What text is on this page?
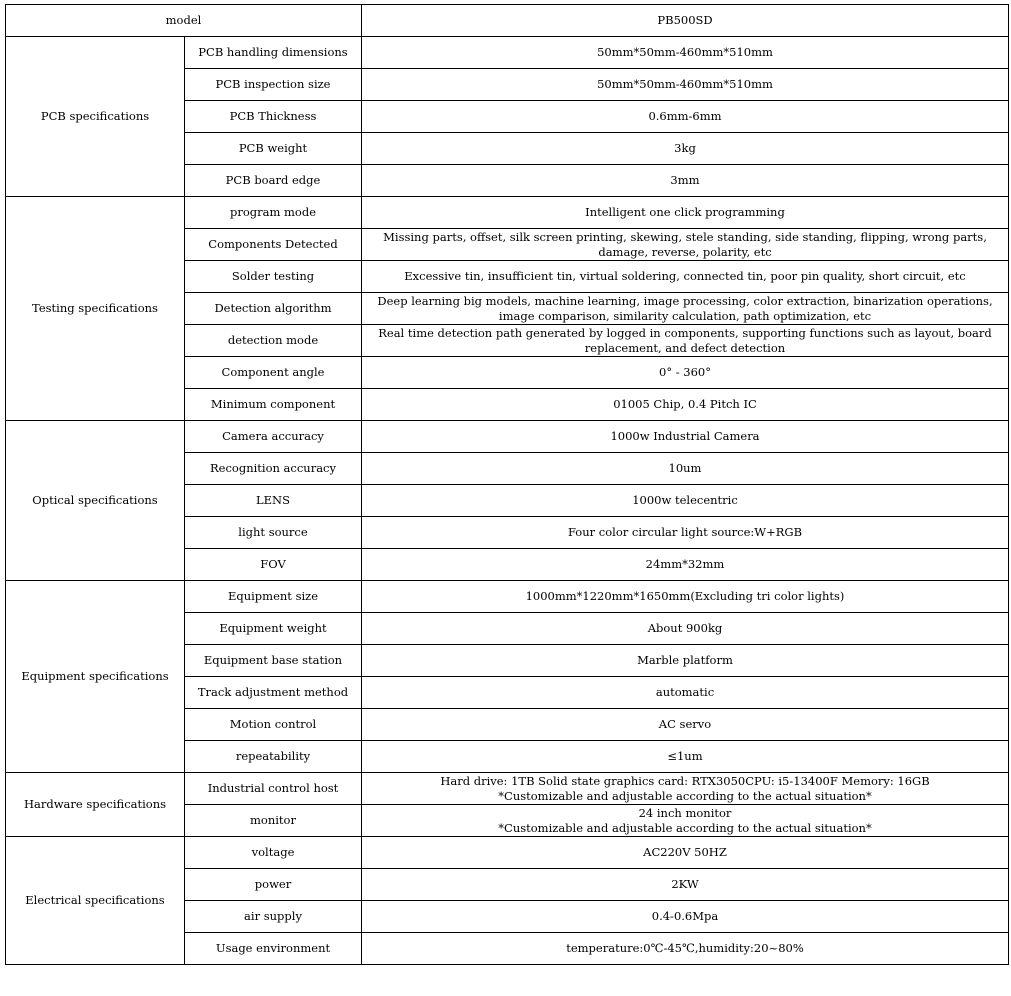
model		PB500SD
PCB specifications	PCB handling dimensions	50mm*50mm-460mm*510mm
	PCB inspection size	50mm*50mm-460mm*510mm
	PCB Thickness	0.6mm-6mm
	PCB weight	3kg
	PCB board edge	3mm
Testing specifications	program mode	Intelligent one click programming
	Components Detected	Missing parts, offset, silk screen printing, skewing, stele standing, side standing, flipping, wrong parts, damage, reverse, polarity, etc
	Solder testing	Excessive tin, insufficient tin, virtual soldering, connected tin, poor pin quality, short circuit, etc
	Detection algorithm	Deep learning big models, machine learning, image processing, color extraction, binarization operations, image comparison, similarity calculation, path optimization, etc
	detection mode	Real time detection path generated by logged in components, supporting functions such as layout, board replacement, and defect detection
	Component angle	0° - 360°
	Minimum component	01005 Chip, 0.4 Pitch IC
Optical specifications	Camera accuracy	1000w Industrial Camera
	Recognition accuracy	10um
	LENS	1000w telecentric
	light source	Four color circular light source:W+RGB
	FOV	24mm*32mm
Equipment specifications	Equipment size	1000mm*1220mm*1650mm(Excluding tri color lights)
	Equipment weight	About 900kg
	Equipment base station	Marble platform
	Track adjustment method	automatic
	Motion control	AC servo
	repeatability	≤1um
Hardware specifications	Industrial control host	Hard drive: 1TB Solid state graphics card: RTX3050CPU: i5-13400F Memory: 16GB
*Customizable and adjustable according to the actual situation*
	monitor	24 inch monitor
*Customizable and adjustable according to the actual situation*
Electrical specifications	voltage	AC220V 50HZ
	power	2KW
	air supply	0.4-0.6Mpa
	Usage environment	temperature:0℃-45℃,humidity:20~80%
